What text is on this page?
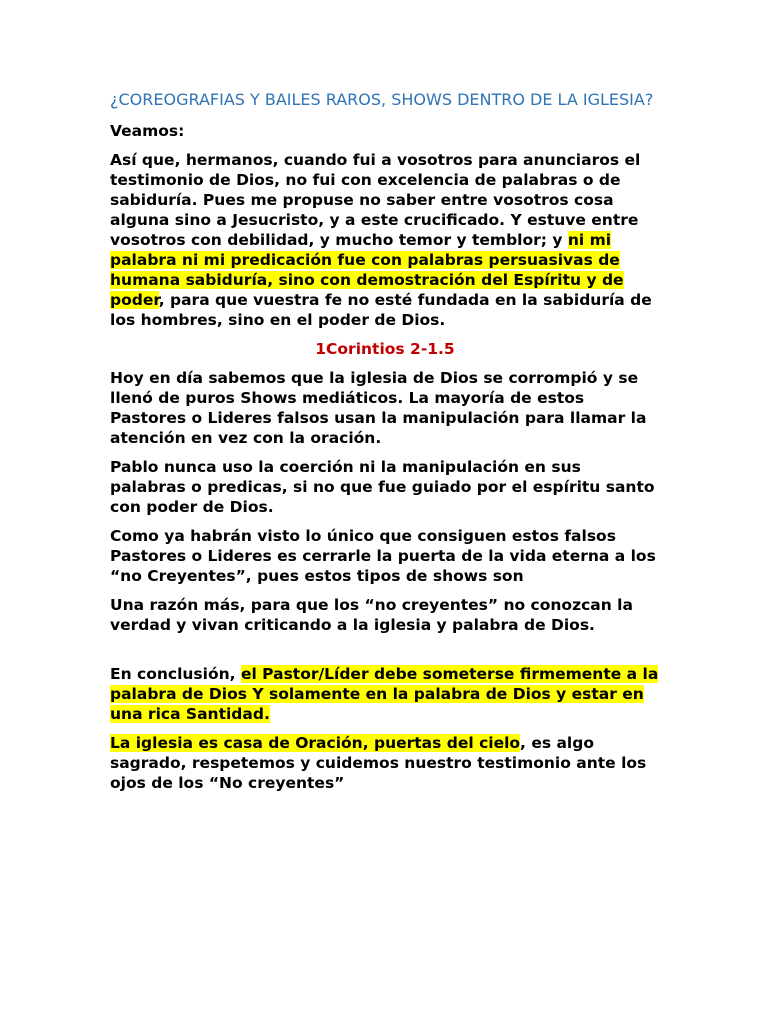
¿COREOGRAFIAS Y BAILES RAROS, SHOWS DENTRO DE LA IGLESIA?
Veamos:
Así que, hermanos, cuando fui a vosotros para anunciaros el testimonio de Dios, no fui con excelencia de palabras o de sabiduría. Pues me propuse no saber entre vosotros cosa alguna sino a Jesucristo, y a este crucificado. Y estuve entre vosotros con debilidad, y mucho temor y temblor; y ni mi palabra ni mi predicación fue con palabras persuasivas de humana sabiduría, sino con demostración del Espíritu y de poder, para que vuestra fe no esté fundada en la sabiduría de los hombres, sino en el poder de Dios.
1Corintios 2-1.5
Hoy en día sabemos que la iglesia de Dios se corrompió y se llenó de puros Shows mediáticos. La mayoría de estos Pastores o Lideres falsos usan la manipulación para llamar la atención en vez con la oración.
Pablo nunca uso la coerción ni la manipulación en sus palabras o predicas, si no que fue guiado por el espíritu santo con poder de Dios.
Como ya habrán visto lo único que consiguen estos falsos Pastores o Lideres es cerrarle la puerta de la vida eterna a los “no Creyentes”, pues estos tipos de shows son
Una razón más, para que los “no creyentes” no conozcan la verdad y vivan criticando a la iglesia y palabra de Dios.
En conclusión, el Pastor/Líder debe someterse firmemente a la palabra de Dios Y solamente en la palabra de Dios y estar en una rica Santidad.
La iglesia es casa de Oración, puertas del cielo, es algo sagrado, respetemos y cuidemos nuestro testimonio ante los ojos de los “No creyentes”
